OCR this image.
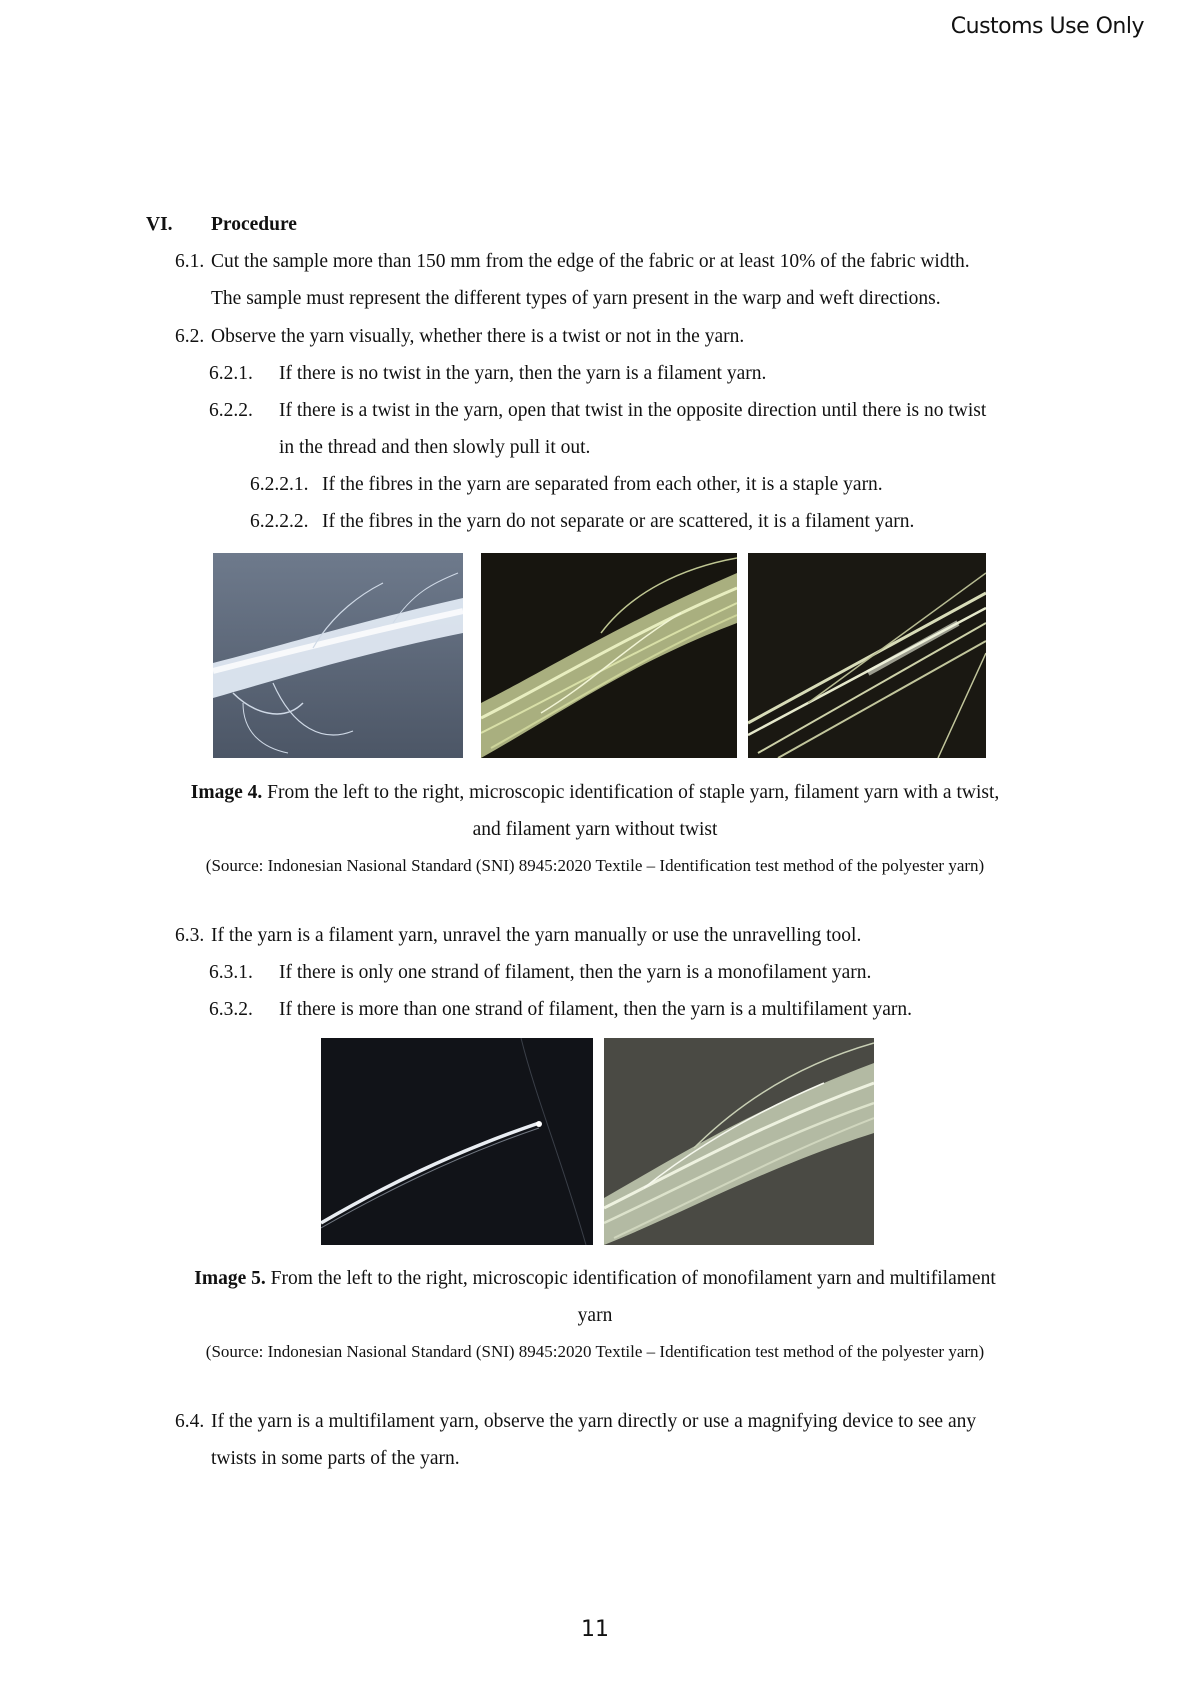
Customs Use Only
VI. Procedure
6.1. Cut the sample more than 150 mm from the edge of the fabric or at least 10% of the fabric width.
The sample must represent the different types of yarn present in the warp and weft directions.
6.2. Observe the yarn visually, whether there is a twist or not in the yarn.
6.2.1. If there is no twist in the yarn, then the yarn is a filament yarn.
6.2.2. If there is a twist in the yarn, open that twist in the opposite direction until there is no twist
in the thread and then slowly pull it out.
6.2.2.1. If the fibres in the yarn are separated from each other, it is a staple yarn.
6.2.2.2. If the fibres in the yarn do not separate or are scattered, it is a filament yarn.
Image 4. From the left to the right, microscopic identification of staple yarn, filament yarn with a twist,
and filament yarn without twist
(Source: Indonesian Nasional Standard (SNI) 8945:2020 Textile – Identification test method of the polyester yarn)
6.3. If the yarn is a filament yarn, unravel the yarn manually or use the unravelling tool.
6.3.1. If there is only one strand of filament, then the yarn is a monofilament yarn.
6.3.2. If there is more than one strand of filament, then the yarn is a multifilament yarn.
Image 5. From the left to the right, microscopic identification of monofilament yarn and multifilament
yarn
(Source: Indonesian Nasional Standard (SNI) 8945:2020 Textile – Identification test method of the polyester yarn)
6.4. If the yarn is a multifilament yarn, observe the yarn directly or use a magnifying device to see any
twists in some parts of the yarn.
11
